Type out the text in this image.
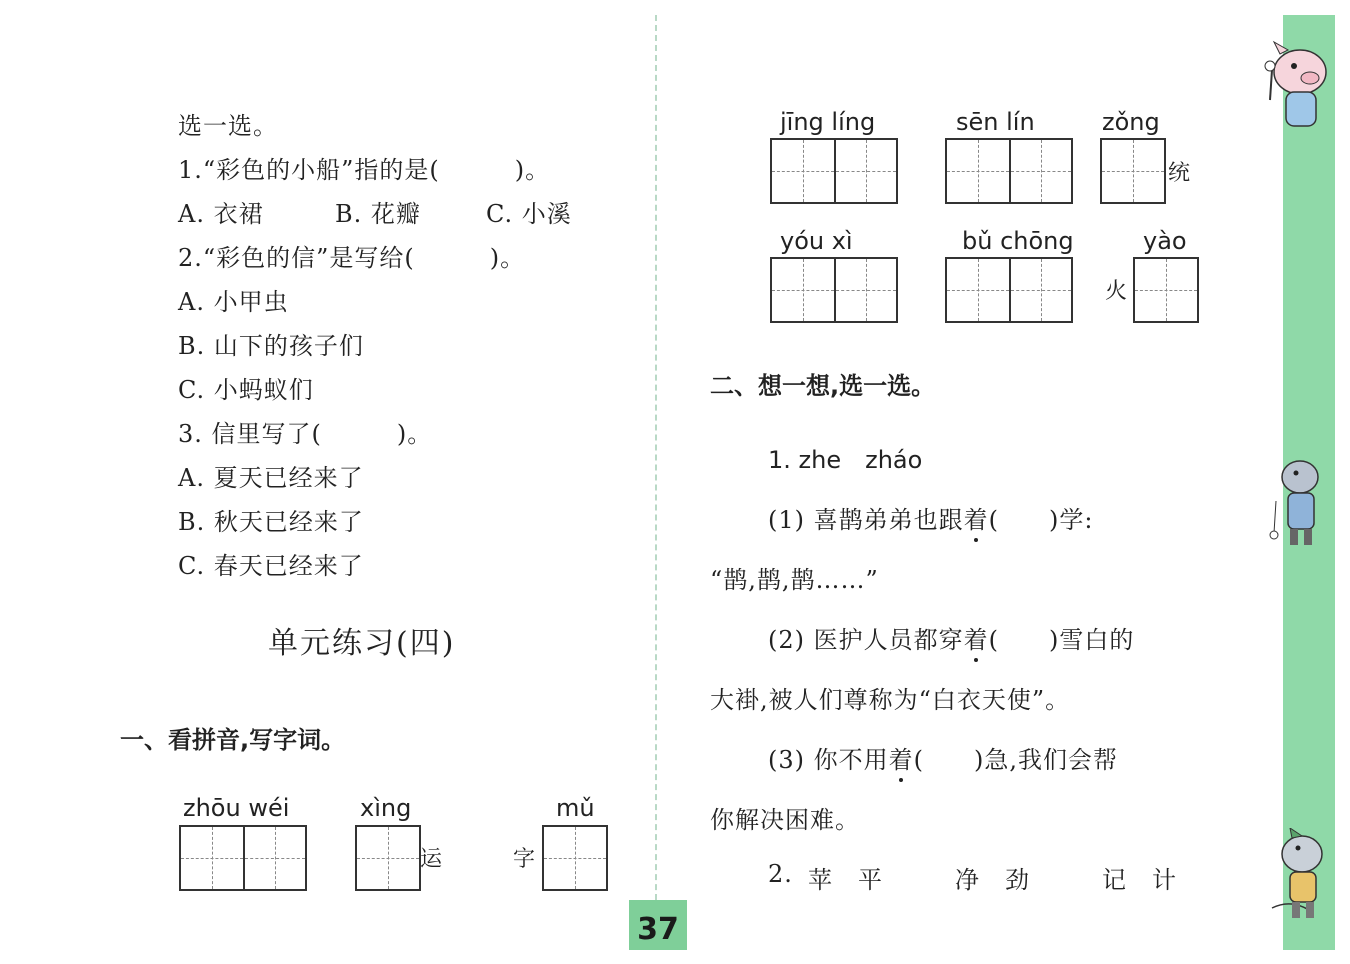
选一选。
1.“彩色的小船”指的是(　　　)。
A. 衣裙	B. 花瓣	C. 小溪
2.“彩色的信”是写给(　　　)。
A. 小甲虫
B. 山下的孩子们
C. 小蚂蚁们
3. 信里写了(　　　)。
A. 夏天已经来了
B. 秋天已经来了
C. 春天已经来了
单元练习(四)
一、看拼音,写字词。
zhōu wéi	xìng
运	字
mǔ
jīng líng	sēn lín	zǒng
统
yóu xì	bǔ chōng
火
yào
二、想一想,选一选。
1. zhe　zháo
(1) 喜鹊弟弟也跟着(　　)学:
“鹊,鹊,鹊……”
(2) 医护人员都穿着(　　)雪白的
大褂,被人们尊称为“白衣天使”。
(3) 你不用着(　　)急,我们会帮
你解决困难。
2. 苹　平	净　劲	记　计
37
